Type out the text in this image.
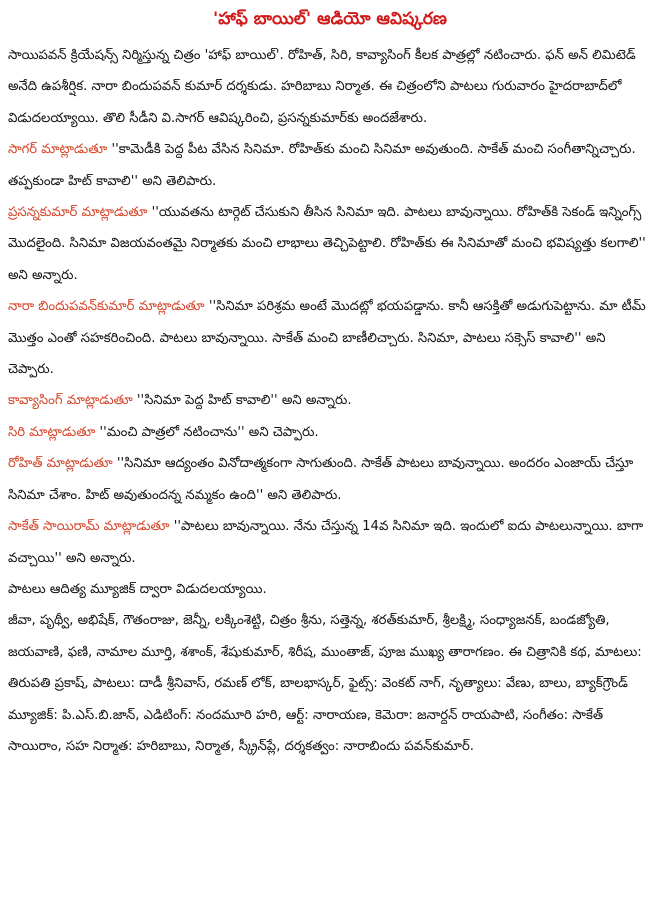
'హాఫ్ బాయిల్' ఆడియో ఆవిష్కరణ

సాయిపవన్ క్రియేషన్స్ నిర్మిస్తున్న చిత్రం 'హాఫ్ బాయిల్'. రోహిత్, సిరి, కావ్యాసింగ్ కీలక పాత్రల్లో నటించారు. ఫన్ అన్ లిమిటెడ్ అనేది ఉపశీర్షిక. నారా బిందుపవన్ కుమార్ దర్శకుడు. హరిబాబు నిర్మాత. ఈ చిత్రంలోని పాటలు గురువారం హైదరాబాద్‌లో విడుదలయ్యాయి. తొలి సీడీని వి.సాగర్ ఆవిష్కరించి, ప్రసన్నకుమార్‌కు అందజేశారు.

సాగర్ మాట్లాడుతూ ''కామెడీకి పెద్ద పీట వేసిన సినిమా. రోహిత్‌కు మంచి సినిమా అవుతుంది. సాకేత్ మంచి సంగీతాన్నిచ్చారు. తప్పకుండా హిట్ కావాలి'' అని తెలిపారు.

ప్రసన్నకుమార్ మాట్లాడుతూ ''యువతను టార్గెట్ చేసుకుని తీసిన సినిమా ఇది. పాటలు బావున్నాయి. రోహిత్‌కి సెకండ్ ఇన్నింగ్స్ మొదలైంది. సినిమా విజయవంతమై నిర్మాతకు మంచి లాభాలు తెచ్చిపెట్టాలి. రోహిత్‌కు ఈ సినిమాతో మంచి భవిష్యత్తు కలగాలి'' అని అన్నారు.

నారా బిందుపవన్‌కుమార్ మాట్లాడుతూ ''సినిమా పరిశ్రమ అంటే మొదట్లో భయపడ్డాను. కానీ ఆసక్తితో అడుగుపెట్టాను. మా టీమ్ మొత్తం ఎంతో సహకరించింది. పాటలు బావున్నాయి. సాకేత్ మంచి బాణీలిచ్చారు. సినిమా, పాటలు సక్సెస్ కావాలి'' అని చెప్పారు.

కావ్యాసింగ్ మాట్లాడుతూ ''సినిమా పెద్ద హిట్ కావాలి'' అని అన్నారు.

సిరి మాట్లాడుతూ ''మంచి పాత్రలో నటించాను'' అని చెప్పారు.

రోహిత్ మాట్లాడుతూ ''సినిమా ఆద్యంతం వినోదాత్మకంగా సాగుతుంది. సాకేత్ పాటలు బావున్నాయి. అందరం ఎంజాయ్ చేస్తూ సినిమా చేశాం. హిట్ అవుతుందన్న నమ్మకం ఉంది'' అని తెలిపారు.

సాకేత్ సాయిరామ్ మాట్లాడుతూ ''పాటలు బావున్నాయి. నేను చేస్తున్న 14వ సినిమా ఇది. ఇందులో ఐదు పాటలున్నాయి. బాగా వచ్చాయి'' అని అన్నారు.

పాటలు ఆదిత్య మ్యూజిక్ ద్వారా విడుదలయ్యాయి.

జీవా, పృథ్వీ, అభిషేక్, గౌతంరాజు, జెన్నీ, లక్కింశెట్టి, చిత్రం శ్రీను, సత్తెన్న, శరత్‌కుమార్, శ్రీలక్ష్మి, సంధ్యాజనక్, బండజ్యోతి, జయవాణి, ఫణి, నామాల మూర్తి, శశాంక్, శేషుకుమార్, శిరీష, ముంతాజ్, పూజ ముఖ్య తారాగణం. ఈ చిత్రానికి కథ, మాటలు: తిరుపతి ప్రకాష్, పాటలు: దాడీ శ్రీనివాస్, రమణ్ లోక్, బాలభాస్కర్, ఫైట్స్: వెంకట్ నాగ్, నృత్యాలు: వేణు, బాలు, బ్యాక్‌గ్రౌండ్ మ్యూజిక్: పి.ఎస్.బి.జాన్, ఎడిటింగ్: నందమూరి హరి, ఆర్ట్: నారాయణ, కెమెరా: జనార్దన్ రాయపాటి, సంగీతం: సాకేత్ సాయిరాం, సహ నిర్మాత: హరిబాబు, నిర్మాత, స్క్రీన్‌ప్లే, దర్శకత్వం: నారాబిందు పవన్‌కుమార్.
